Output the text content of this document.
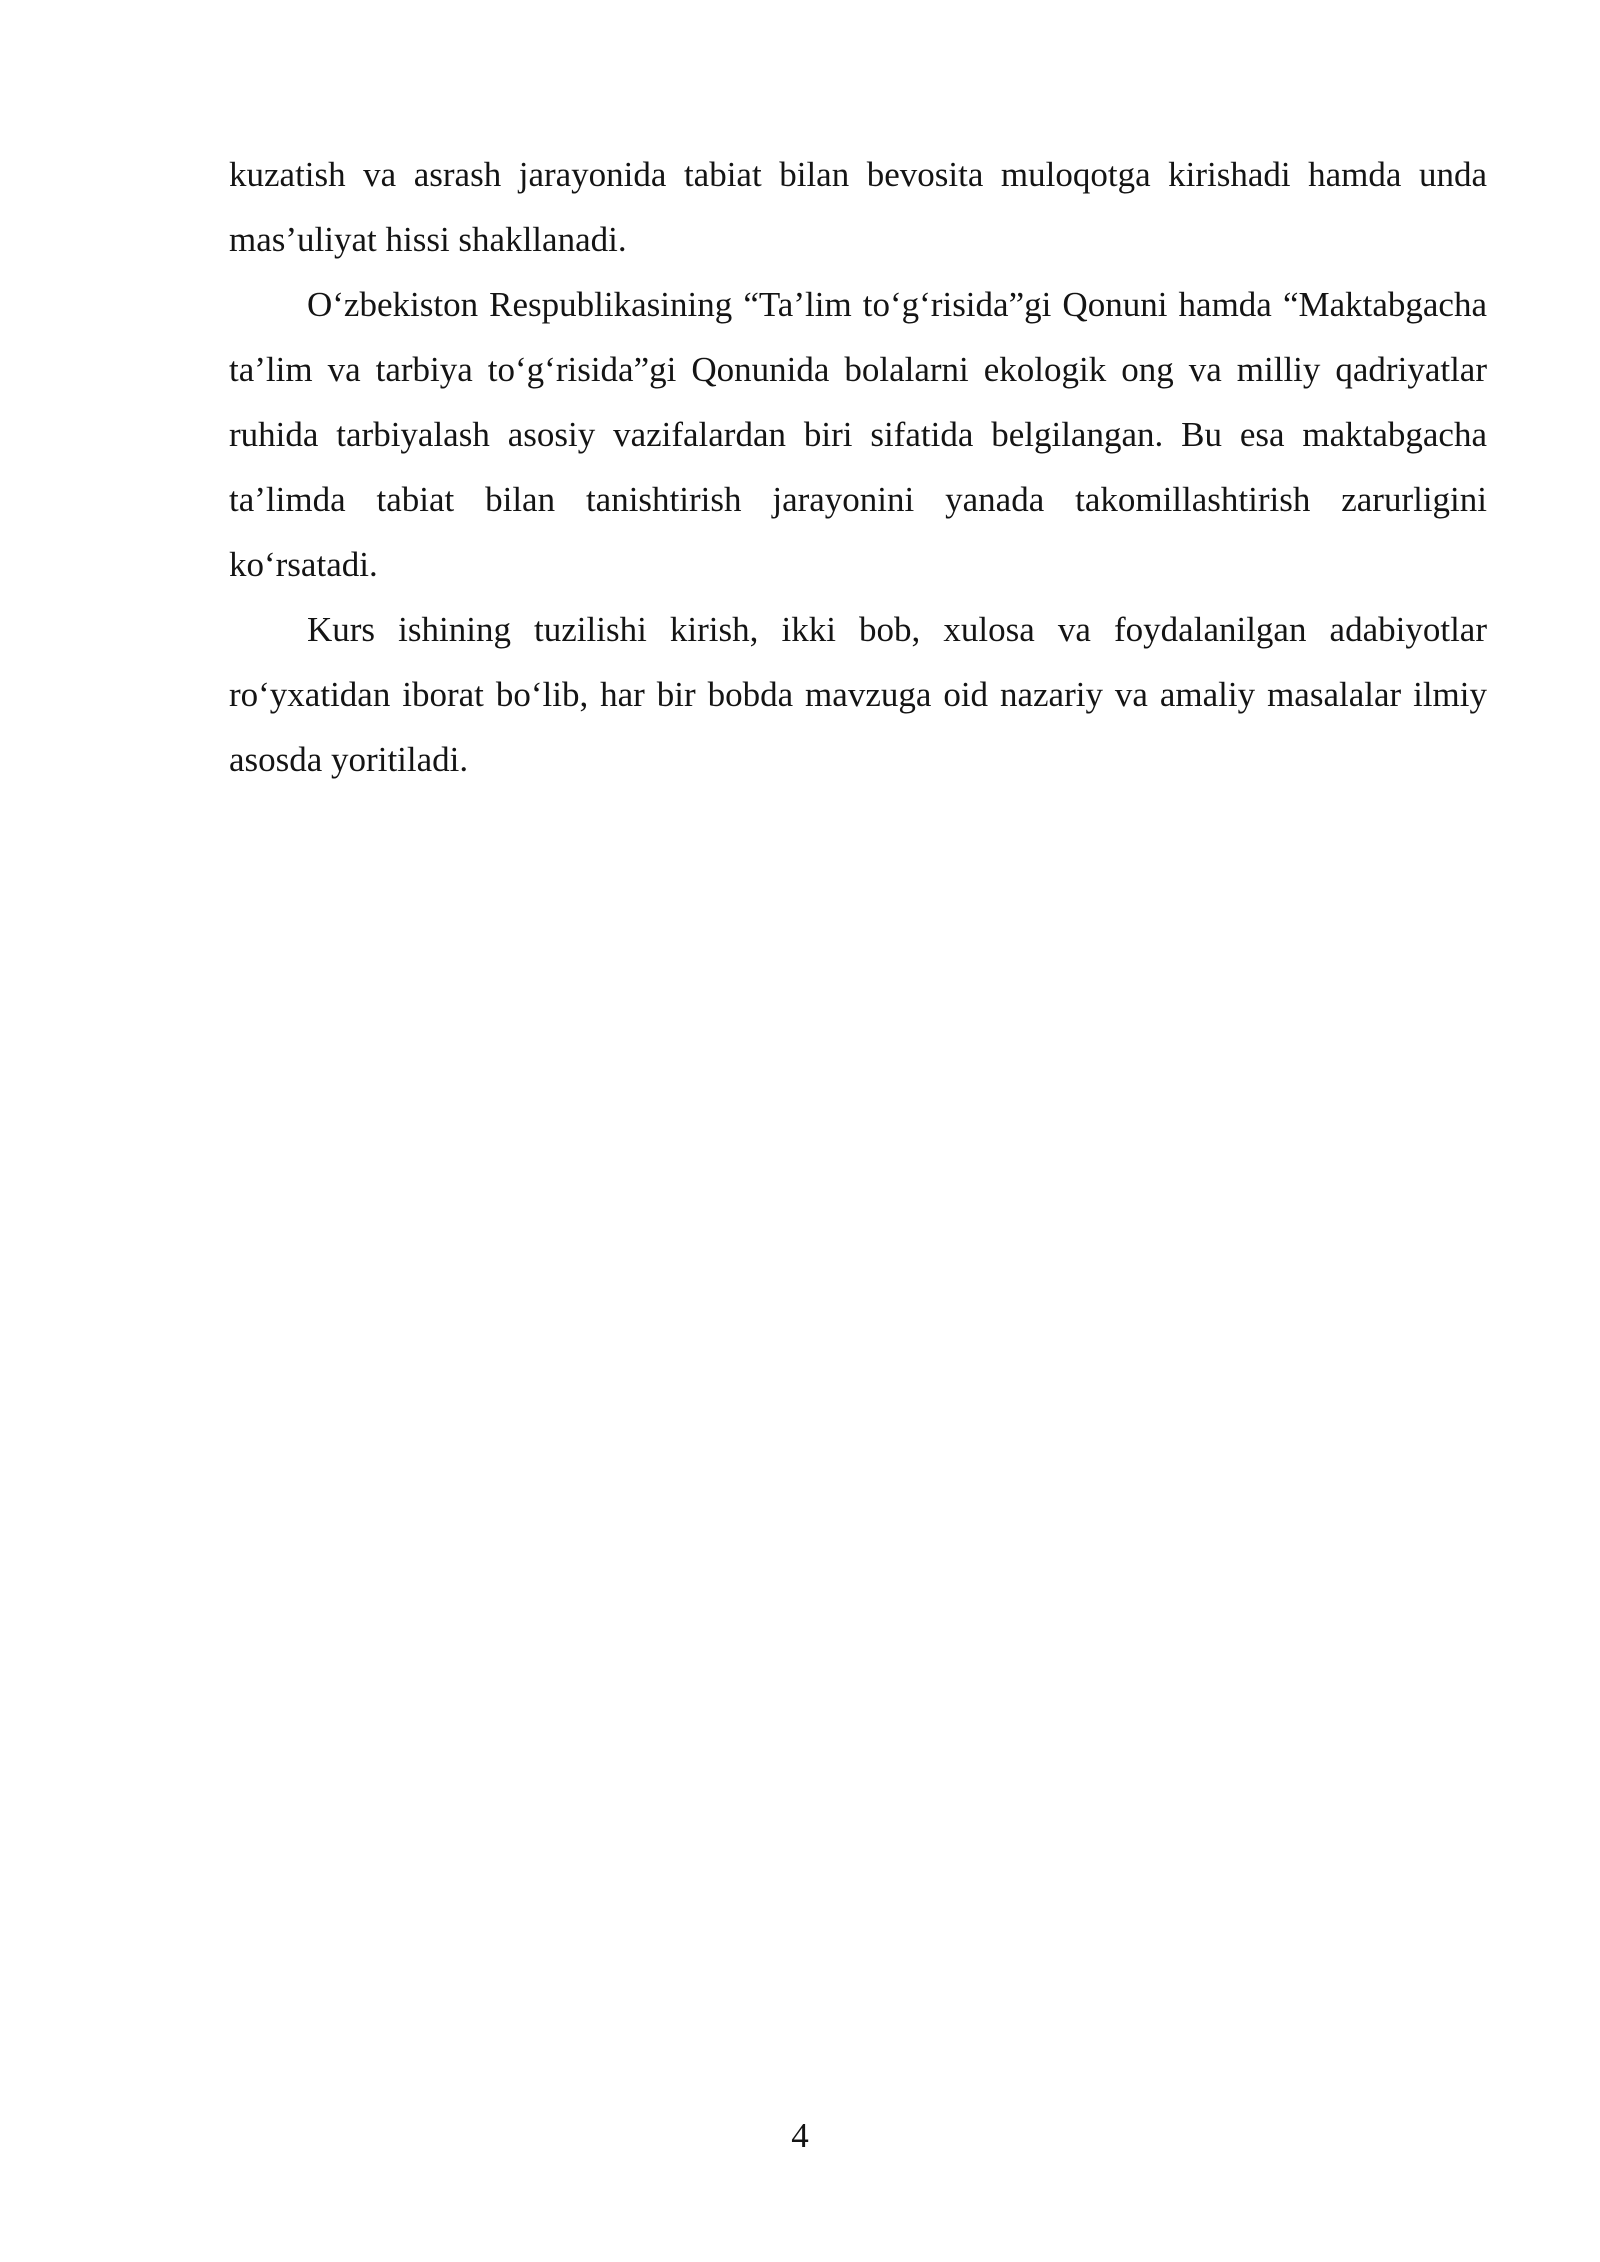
kuzatish va asrash jarayonida tabiat bilan bevosita muloqotga kirishadi hamda unda mas’uliyat hissi shakllanadi.

O‘zbekiston Respublikasining “Ta’lim to‘g‘risida”gi Qonuni hamda “Maktabgacha ta’lim va tarbiya to‘g‘risida”gi Qonunida bolalarni ekologik ong va milliy qadriyatlar ruhida tarbiyalash asosiy vazifalardan biri sifatida belgilangan. Bu esa maktabgacha ta’limda tabiat bilan tanishtirish jarayonini yanada takomillashtirish zarurligini ko‘rsatadi.

Kurs ishining tuzilishi kirish, ikki bob, xulosa va foydalanilgan adabiyotlar ro‘yxatidan iborat bo‘lib, har bir bobda mavzuga oid nazariy va amaliy masalalar ilmiy asosda yoritiladi.

4
